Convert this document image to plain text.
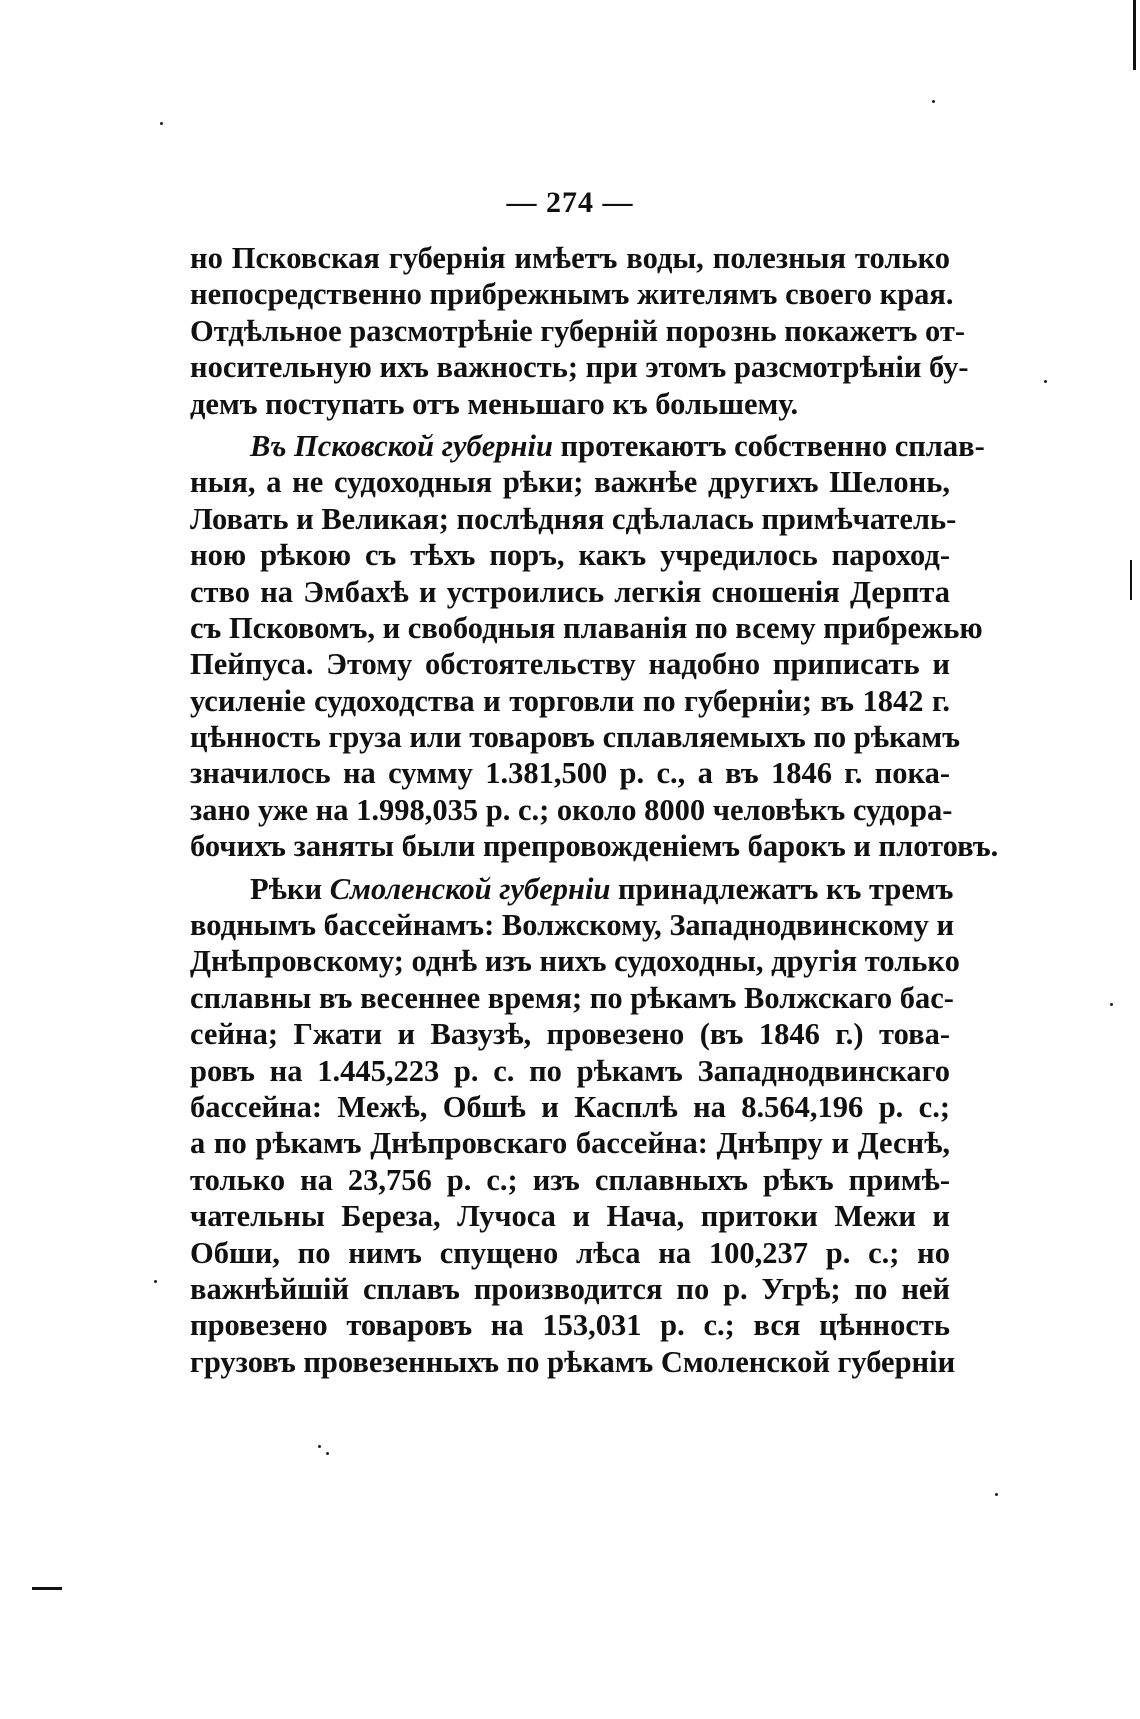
— 274 —
но Псковская губернія имѣетъ воды, полезныя только
непосредственно прибрежнымъ жителямъ своего края.
Отдѣльное разсмотрѣніе губерній порознь покажетъ от-
носительную ихъ важность; при этомъ разсмотрѣніи бу-
демъ поступать отъ меньшаго къ большему.
Въ Псковской губерніи протекаютъ собственно сплав-
ныя, а не судоходныя рѣки; важнѣе другихъ Шелонь,
Ловать и Великая; послѣдняя сдѣлалась примѣчатель-
ною рѣкою съ тѣхъ поръ, какъ учредилось пароход-
ство на Эмбахѣ и устроились легкія сношенія Дерпта
съ Псковомъ, и свободныя плаванія по всему прибрежью
Пейпуса. Этому обстоятельству надобно приписать и
усиленіе судоходства и торговли по губерніи; въ 1842 г.
цѣнность груза или товаровъ сплавляемыхъ по рѣкамъ
значилось на сумму 1.381,500 р. с., а въ 1846 г. пока-
зано уже на 1.998,035 р. с.; около 8000 человѣкъ судора-
бочихъ заняты были препровожденіемъ барокъ и плотовъ.
Рѣки Смоленской губерніи принадлежатъ къ тремъ
воднымъ бассейнамъ: Волжскому, Западнодвинскому и
Днѣпровскому; однѣ изъ нихъ судоходны, другія только
сплавны въ весеннее время; по рѣкамъ Волжскаго бас-
сейна; Гжати и Вазузѣ, провезено (въ 1846 г.) това-
ровъ на 1.445,223 р. с. по рѣкамъ Западнодвинскаго
бассейна: Межѣ, Обшѣ и Касплѣ на 8.564,196 р. с.;
а по рѣкамъ Днѣпровскаго бассейна: Днѣпру и Деснѣ,
только на 23,756 р. с.; изъ сплавныхъ рѣкъ примѣ-
чательны Береза, Лучоса и Нача, притоки Межи и
Обши, по нимъ спущено лѣса на 100,237 р. с.; но
важнѣйшій сплавъ производится по р. Угрѣ; по ней
провезено товаровъ на 153,031 р. с.; вся цѣнность
грузовъ провезенныхъ по рѣкамъ Смоленской губерніи
